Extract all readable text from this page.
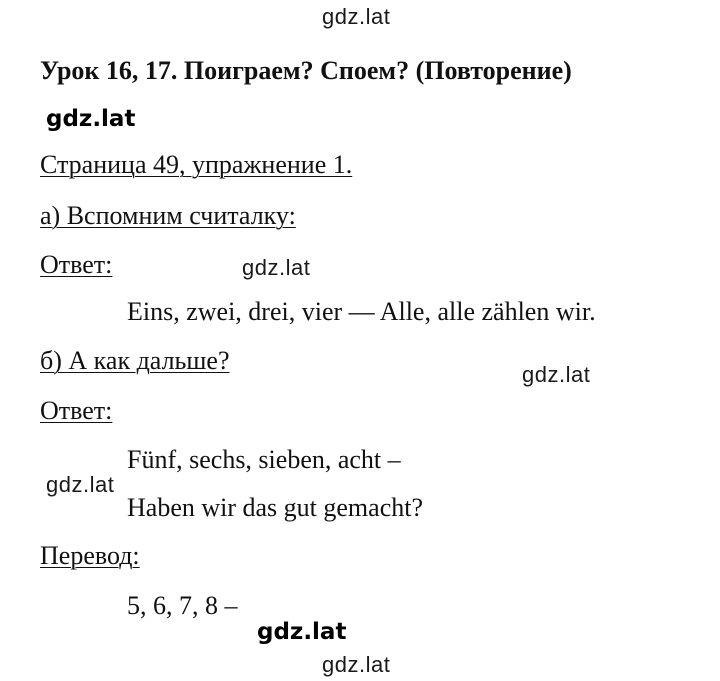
gdz.lat
Урок 16, 17. Поиграем? Споем? (Повторение)
gdz.lat
Страница 49, упражнение 1.
а) Вспомним считалку:
Ответ:	gdz.lat
Eins, zwei, drei, vier — Alle, alle zählen wir.
б) А как дальше?	gdz.lat
Ответ:
Fünf, sechs, sieben, acht –
gdz.lat
Haben wir das gut gemacht?
Перевод:
5, 6, 7, 8 –
gdz.lat
gdz.lat
